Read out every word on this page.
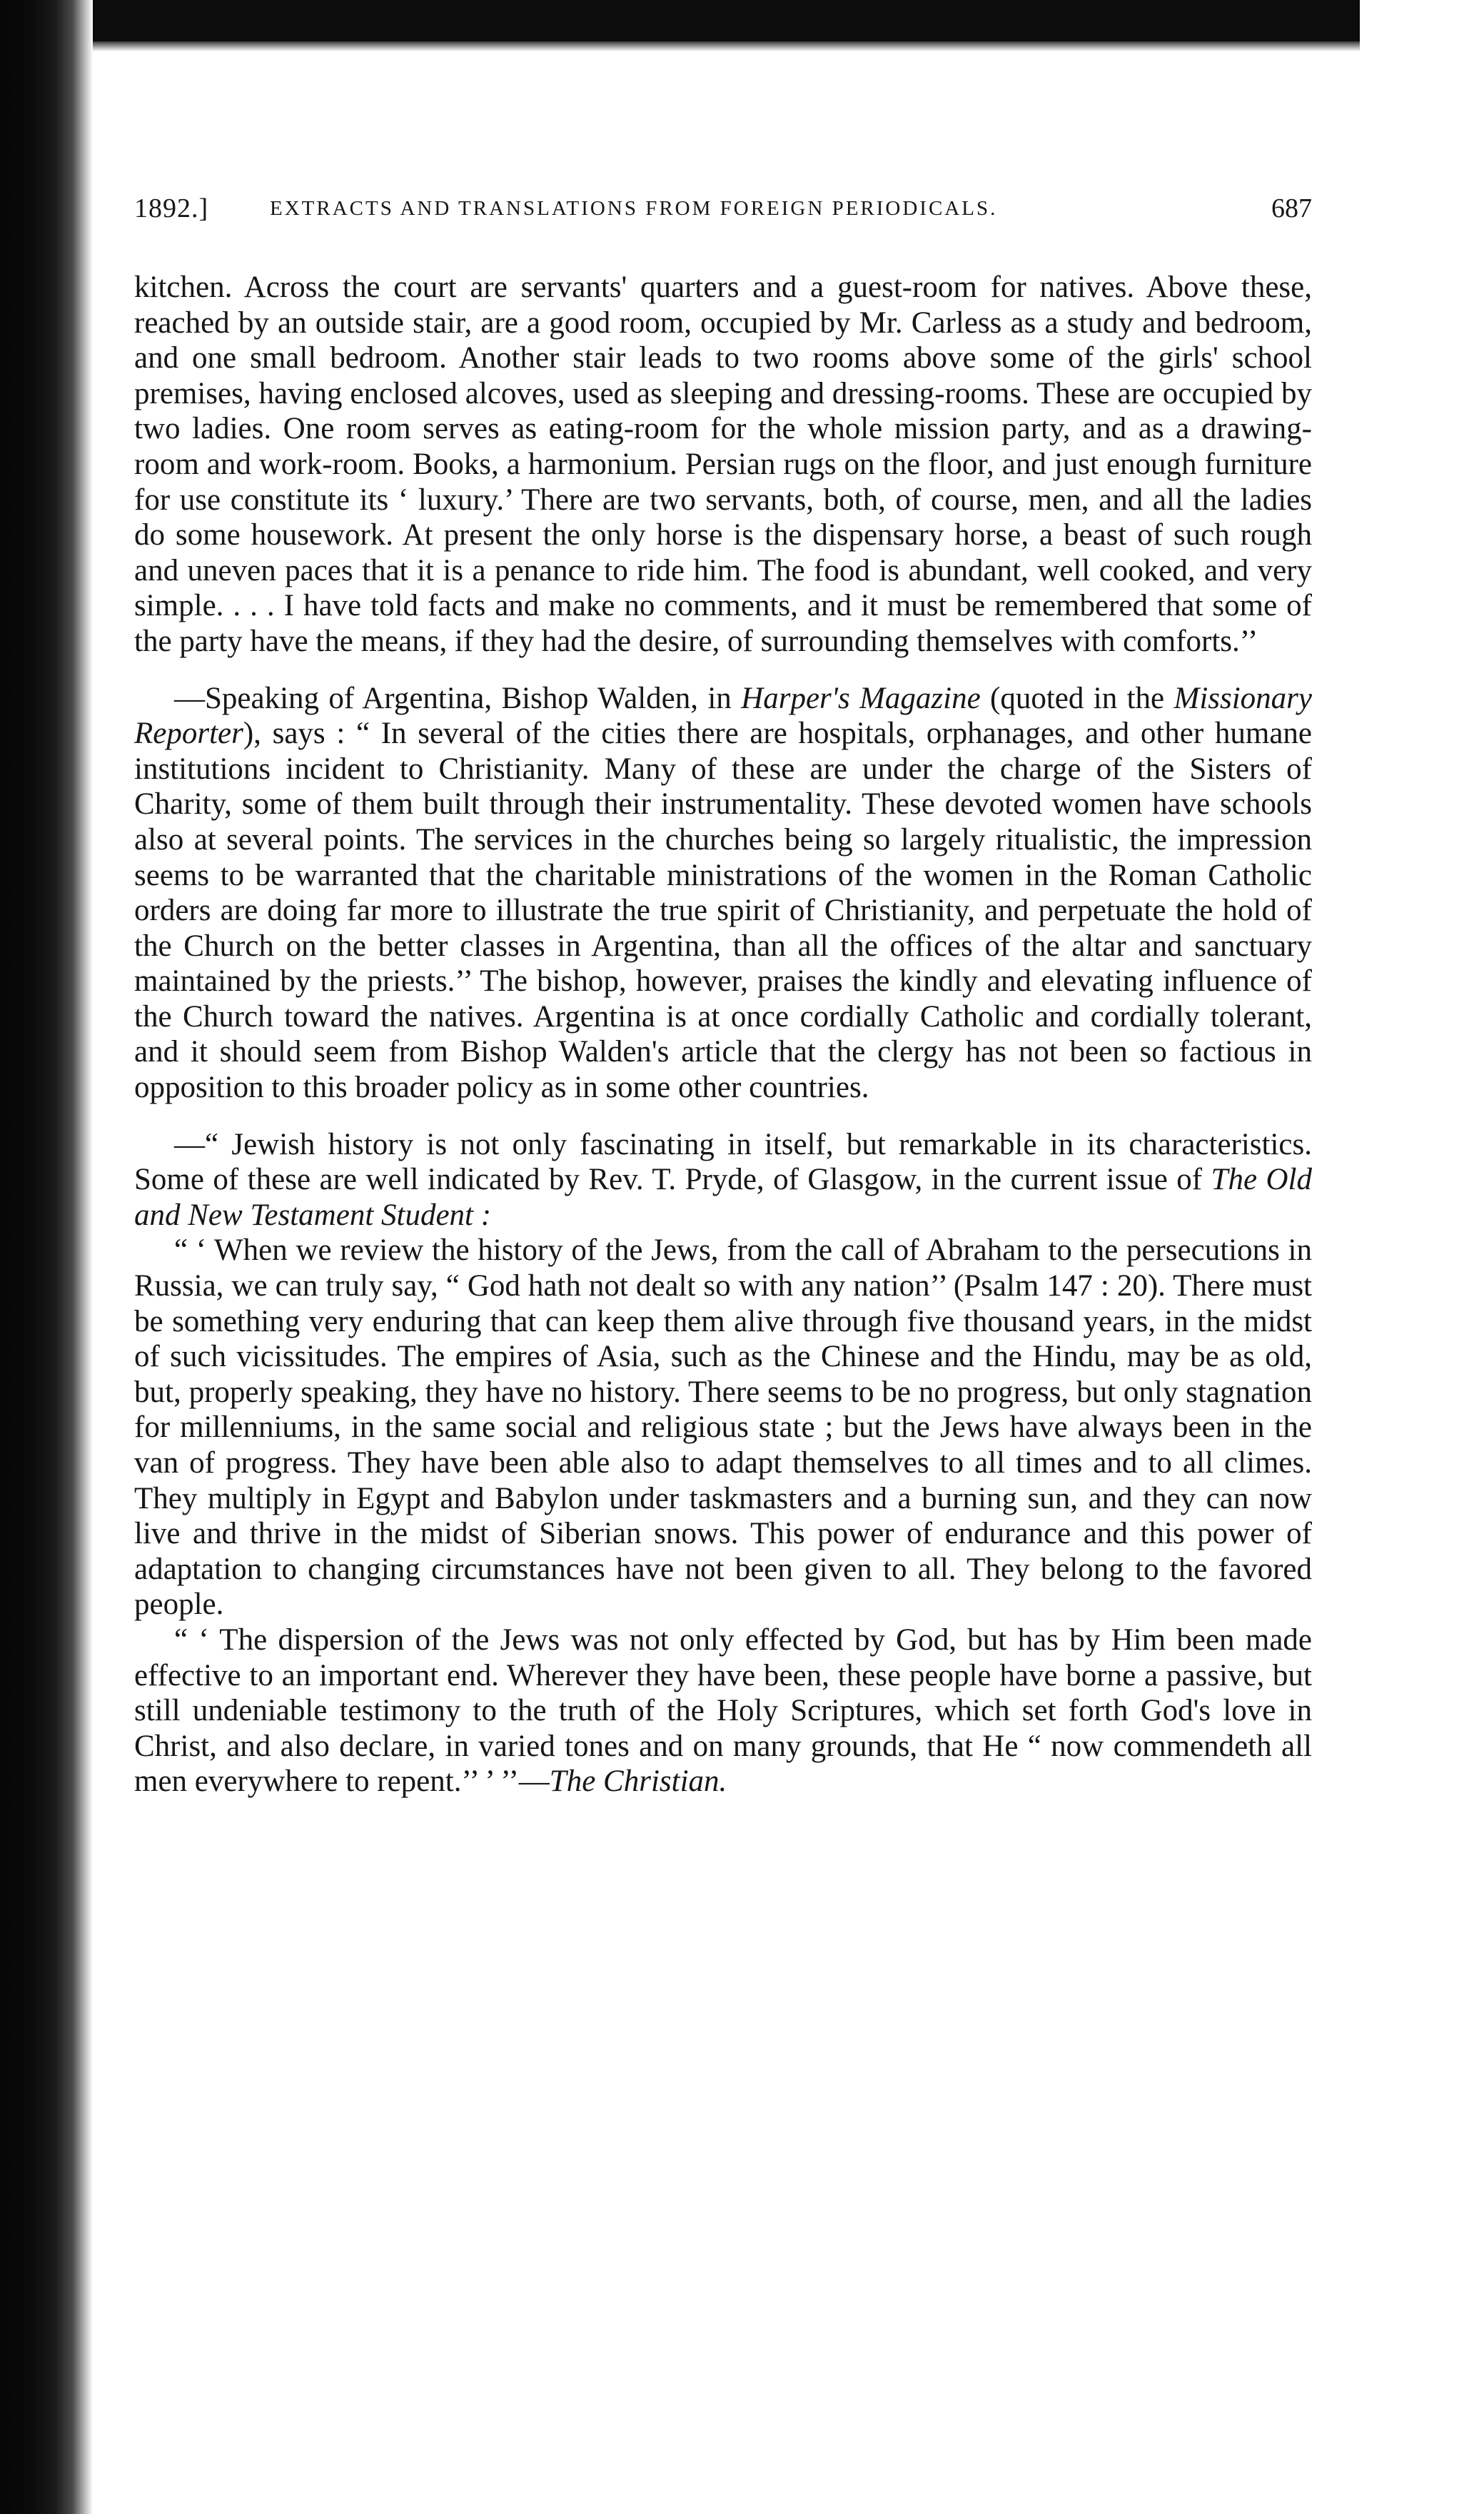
1892.]	EXTRACTS AND TRANSLATIONS FROM FOREIGN PERIODICALS.	687

kitchen. Across the court are servants' quarters and a guest-room for natives. Above these, reached by an outside stair, are a good room, occupied by Mr. Carless as a study and bedroom, and one small bedroom. Another stair leads to two rooms above some of the girls' school premises, having enclosed alcoves, used as sleeping and dressing-rooms. These are occupied by two ladies. One room serves as eating-room for the whole mission party, and as a drawing-room and work-room. Books, a harmonium. Persian rugs on the floor, and just enough furniture for use constitute its ‘ luxury.’ There are two servants, both, of course, men, and all the ladies do some housework. At present the only horse is the dispensary horse, a beast of such rough and uneven paces that it is a penance to ride him. The food is abundant, well cooked, and very simple. . . . I have told facts and make no comments, and it must be remembered that some of the party have the means, if they had the desire, of surrounding themselves with comforts.’’

—Speaking of Argentina, Bishop Walden, in Harper's Magazine (quoted in the Missionary Reporter), says : “ In several of the cities there are hospitals, orphanages, and other humane institutions incident to Christianity. Many of these are under the charge of the Sisters of Charity, some of them built through their instrumentality. These devoted women have schools also at several points. The services in the churches being so largely ritualistic, the impression seems to be warranted that the charitable ministrations of the women in the Roman Catholic orders are doing far more to illustrate the true spirit of Christianity, and perpetuate the hold of the Church on the better classes in Argentina, than all the offices of the altar and sanctuary maintained by the priests.’’ The bishop, however, praises the kindly and elevating influence of the Church toward the natives. Argentina is at once cordially Catholic and cordially tolerant, and it should seem from Bishop Walden's article that the clergy has not been so factious in opposition to this broader policy as in some other countries.

—“ Jewish history is not only fascinating in itself, but remarkable in its characteristics. Some of these are well indicated by Rev. T. Pryde, of Glasgow, in the current issue of The Old and New Testament Student :

“ ‘ When we review the history of the Jews, from the call of Abraham to the persecutions in Russia, we can truly say, “ God hath not dealt so with any nation’’ (Psalm 147 : 20). There must be something very enduring that can keep them alive through five thousand years, in the midst of such vicissitudes. The empires of Asia, such as the Chinese and the Hindu, may be as old, but, properly speaking, they have no history. There seems to be no progress, but only stagnation for millenniums, in the same social and religious state ; but the Jews have always been in the van of progress. They have been able also to adapt themselves to all times and to all climes. They multiply in Egypt and Babylon under taskmasters and a burning sun, and they can now live and thrive in the midst of Siberian snows. This power of endurance and this power of adaptation to changing circumstances have not been given to all. They belong to the favored people.

“ ‘ The dispersion of the Jews was not only effected by God, but has by Him been made effective to an important end. Wherever they have been, these people have borne a passive, but still undeniable testimony to the truth of the Holy Scriptures, which set forth God's love in Christ, and also declare, in varied tones and on many grounds, that He “ now commendeth all men everywhere to repent.’’ ’ ’’—The Christian.
